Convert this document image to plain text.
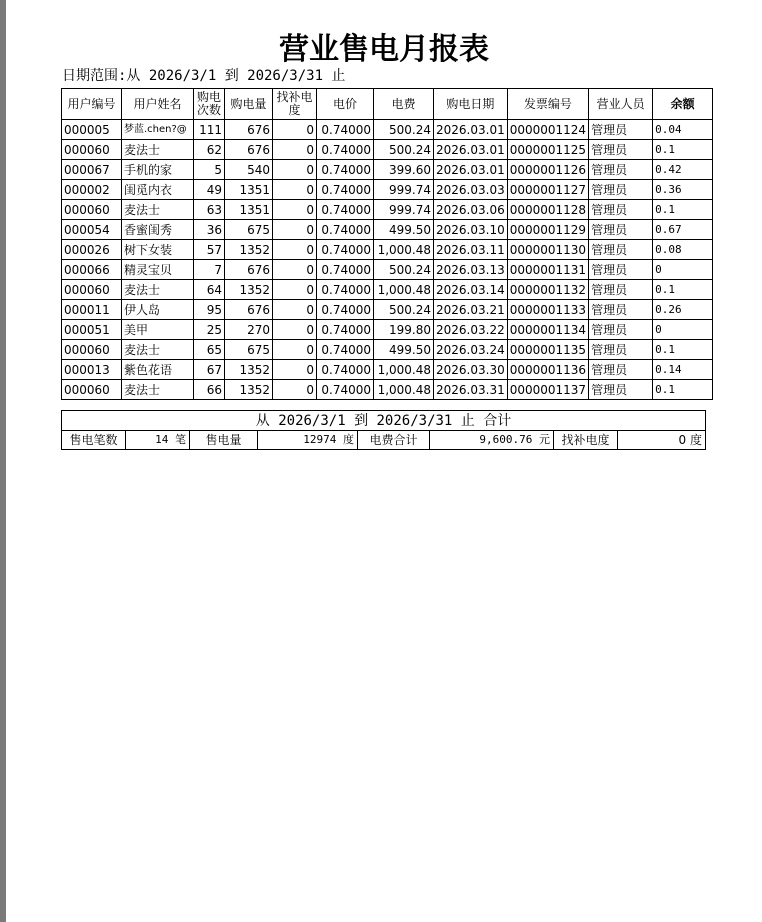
营业售电月报表
日期范围:从 2026/3/1 到 2026/3/31 止
用户编号	用户姓名	购电次数	购电量	找补电度	电价	电费	购电日期	发票编号	营业人员	余额
000005	梦蓝.chen?@	111	676	0	0.74000	500.24	2026.03.01	0000001124	管理员	0.04
000060	麦法士	62	676	0	0.74000	500.24	2026.03.01	0000001125	管理员	0.1
000067	手机的家	5	540	0	0.74000	399.60	2026.03.01	0000001126	管理员	0.42
000002	闺觅内衣	49	1351	0	0.74000	999.74	2026.03.03	0000001127	管理员	0.36
000060	麦法士	63	1351	0	0.74000	999.74	2026.03.06	0000001128	管理员	0.1
000054	香蜜闺秀	36	675	0	0.74000	499.50	2026.03.10	0000001129	管理员	0.67
000026	树下女装	57	1352	0	0.74000	1,000.48	2026.03.11	0000001130	管理员	0.08
000066	精灵宝贝	7	676	0	0.74000	500.24	2026.03.13	0000001131	管理员	0
000060	麦法士	64	1352	0	0.74000	1,000.48	2026.03.14	0000001132	管理员	0.1
000011	伊人岛	95	676	0	0.74000	500.24	2026.03.21	0000001133	管理员	0.26
000051	美甲	25	270	0	0.74000	199.80	2026.03.22	0000001134	管理员	0
000060	麦法士	65	675	0	0.74000	499.50	2026.03.24	0000001135	管理员	0.1
000013	紫色花语	67	1352	0	0.74000	1,000.48	2026.03.30	0000001136	管理员	0.14
000060	麦法士	66	1352	0	0.74000	1,000.48	2026.03.31	0000001137	管理员	0.1
从 2026/3/1 到 2026/3/31 止 合计
售电笔数	14 笔	售电量	12974 度	电费合计	9,600.76 元	找补电度	0 度
